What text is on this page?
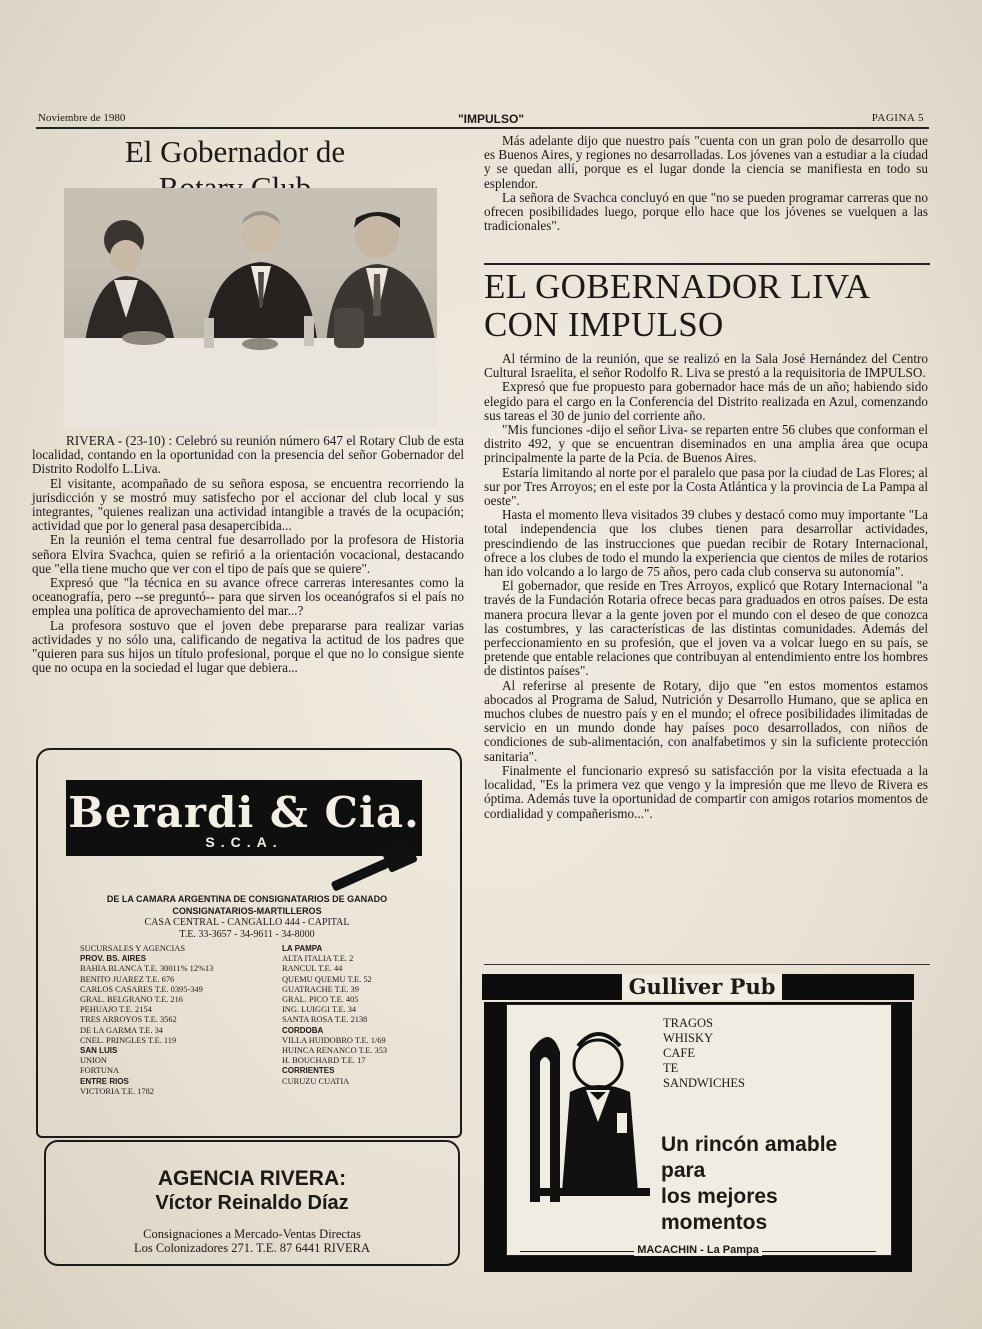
Noviembre de 1980	"IMPULSO"	PAGINA 5
El Gobernador de

RIVERA - (23-10) : Celebró su reunión número 647 el Rotary Club de esta localidad, contando en la oportunidad con la presencia del señor Gobernador del Distrito Rodolfo L.Liva.

El visitante, acompañado de su señora esposa, se encuentra recorriendo la jurisdicción y se mostró muy satisfecho por el accionar del club local y sus integrantes, "quienes realizan una actividad intangible a través de la ocupación; actividad que por lo general pasa desapercibida...

En la reunión el tema central fue desarrollado por la profesora de Historia señora Elvira Svachca, quien se refirió a la orientación vocacional, destacando que "ella tiene mucho que ver con el tipo de país que se quiere".

Expresó que "la técnica en su avance ofrece carreras interesantes como la oceanografía, pero --se preguntó-- para que sirven los oceanógrafos si el país no emplea una política de aprovechamiento del mar...?

La profesora sostuvo que el joven debe prepararse para realizar varias actividades y no sólo una, calificando de negativa la actitud de los padres que "quieren para sus hijos un título profesional, porque el que no lo consigue siente que no ocupa en la sociedad el lugar que debiera...

Más adelante dijo que nuestro país "cuenta con un gran polo de desarrollo que es Buenos Aires, y regiones no desarrolladas. Los jóvenes van a estudiar a la ciudad y se quedan allí, porque es el lugar donde la ciencia se manifiesta en todo su esplendor.

La señora de Svachca concluyó en que "no se pueden programar carreras que no ofrecen posibilidades luego, porque ello hace que los jóvenes se vuelquen a las tradicionales".

EL GOBERNADOR LIVA
CON IMPULSO

Al término de la reunión, que se realizó en la Sala José Hernández del Centro Cultural Israelita, el señor Rodolfo R. Liva se prestó a la requisitoria de IMPULSO.

Expresó que fue propuesto para gobernador hace más de un año; habiendo sido elegido para el cargo en la Conferencia del Distrito realizada en Azul, comenzando sus tareas el 30 de junio del corriente año.

"Mis funciones -dijo el señor Liva- se reparten entre 56 clubes que conforman el distrito 492, y que se encuentran diseminados en una amplia área que ocupa principalmente la parte de la Pcia. de Buenos Aires.

Estaría limitando al norte por el paralelo que pasa por la ciudad de Las Flores; al sur por Tres Arroyos; en el este por la Costa Atlántica y la provincia de La Pampa al oeste".

Hasta el momento lleva visitados 39 clubes y destacó como muy importante "La total independencia que los clubes tienen para desarrollar actividades, prescindiendo de las instrucciones que puedan recibir de Rotary Internacional, ofrece a los clubes de todo el mundo la experiencia que cientos de miles de rotarios han ido volcando a lo largo de 75 años, pero cada club conserva su autonomía".

El gobernador, que reside en Tres Arroyos, explicó que Rotary Internacional "a través de la Fundación Rotaria ofrece becas para graduados en otros países. De esta manera procura llevar a la gente joven por el mundo con el deseo de que conozca las costumbres, y las características de las distintas comunidades. Además del perfeccionamiento en su profesión, que el joven va a volcar luego en su país, se pretende que entable relaciones que contribuyan al entendimiento entre los hombres de distintos países".

Al referirse al presente de Rotary, dijo que "en estos momentos estamos abocados al Programa de Salud, Nutrición y Desarrollo Humano, que se aplica en muchos clubes de nuestro país y en el mundo; el ofrece posibilidades ilimitadas de servicio en un mundo donde hay países poco desarrollados, con niños de condiciones de sub-alimentación, con analfabetimos y sin la suficiente protección sanitaria".

Finalmente el funcionario expresó su satisfacción por la visita efectuada a la localidad, "Es la primera vez que vengo y la impresión que me llevo de Rivera es óptima. Además tuve la oportunidad de compartir con amigos rotarios momentos de cordialidad y compañerismo...".

Berardi & Cia.
S.C.A.
DE LA CAMARA ARGENTINA DE CONSIGNATARIOS DE GANADO
CONSIGNATARIOS-MARTILLEROS
CASA CENTRAL - CANGALLO 444 - CAPITAL
T.E. 33-3657 - 34-9611 - 34-8000
SUCURSALES Y AGENCIAS
PROV. BS. AIRES
BAHIA BLANCA T.E. 30011% 12%13
BENITO JUAREZ T.E. 676
CARLOS CASARES T.E. 0395-349
GRAL. BELGRANO T.E. 216
PEHUAJO T.E. 2154
TRES ARROYOS T.E. 3562
DE LA GARMA T.E. 34
CNEL. PRINGLES T.E. 119
SAN LUIS
UNION
FORTUNA
ENTRE RIOS
VICTORIA T.E. 1782
LA PAMPA
ALTA ITALIA T.E. 2
RANCUL T.E. 44
QUEMU QUEMU T.E. 52
GUATRACHE T.E. 39
GRAL. PICO T.E. 405
ING. LUIGGI T.E. 34
SANTA ROSA T.E. 2138
CORDOBA
VILLA HUIDOBRO T.E. 1/69
HUINCA RENANCO T.E. 353
H. BOUCHARD T.E. 17
CORRIENTES
CURUZU CUATIA
AGENCIA RIVERA:
Víctor Reinaldo Díaz
Consignaciones a Mercado-Ventas Directas
Los Colonizadores 271. T.E. 87 6441 RIVERA
Gulliver Pub
TRAGOS
WHISKY
CAFE
TE
SANDWICHES
Un rincón amable
para
los mejores
momentos
MACACHIN - La Pampa
